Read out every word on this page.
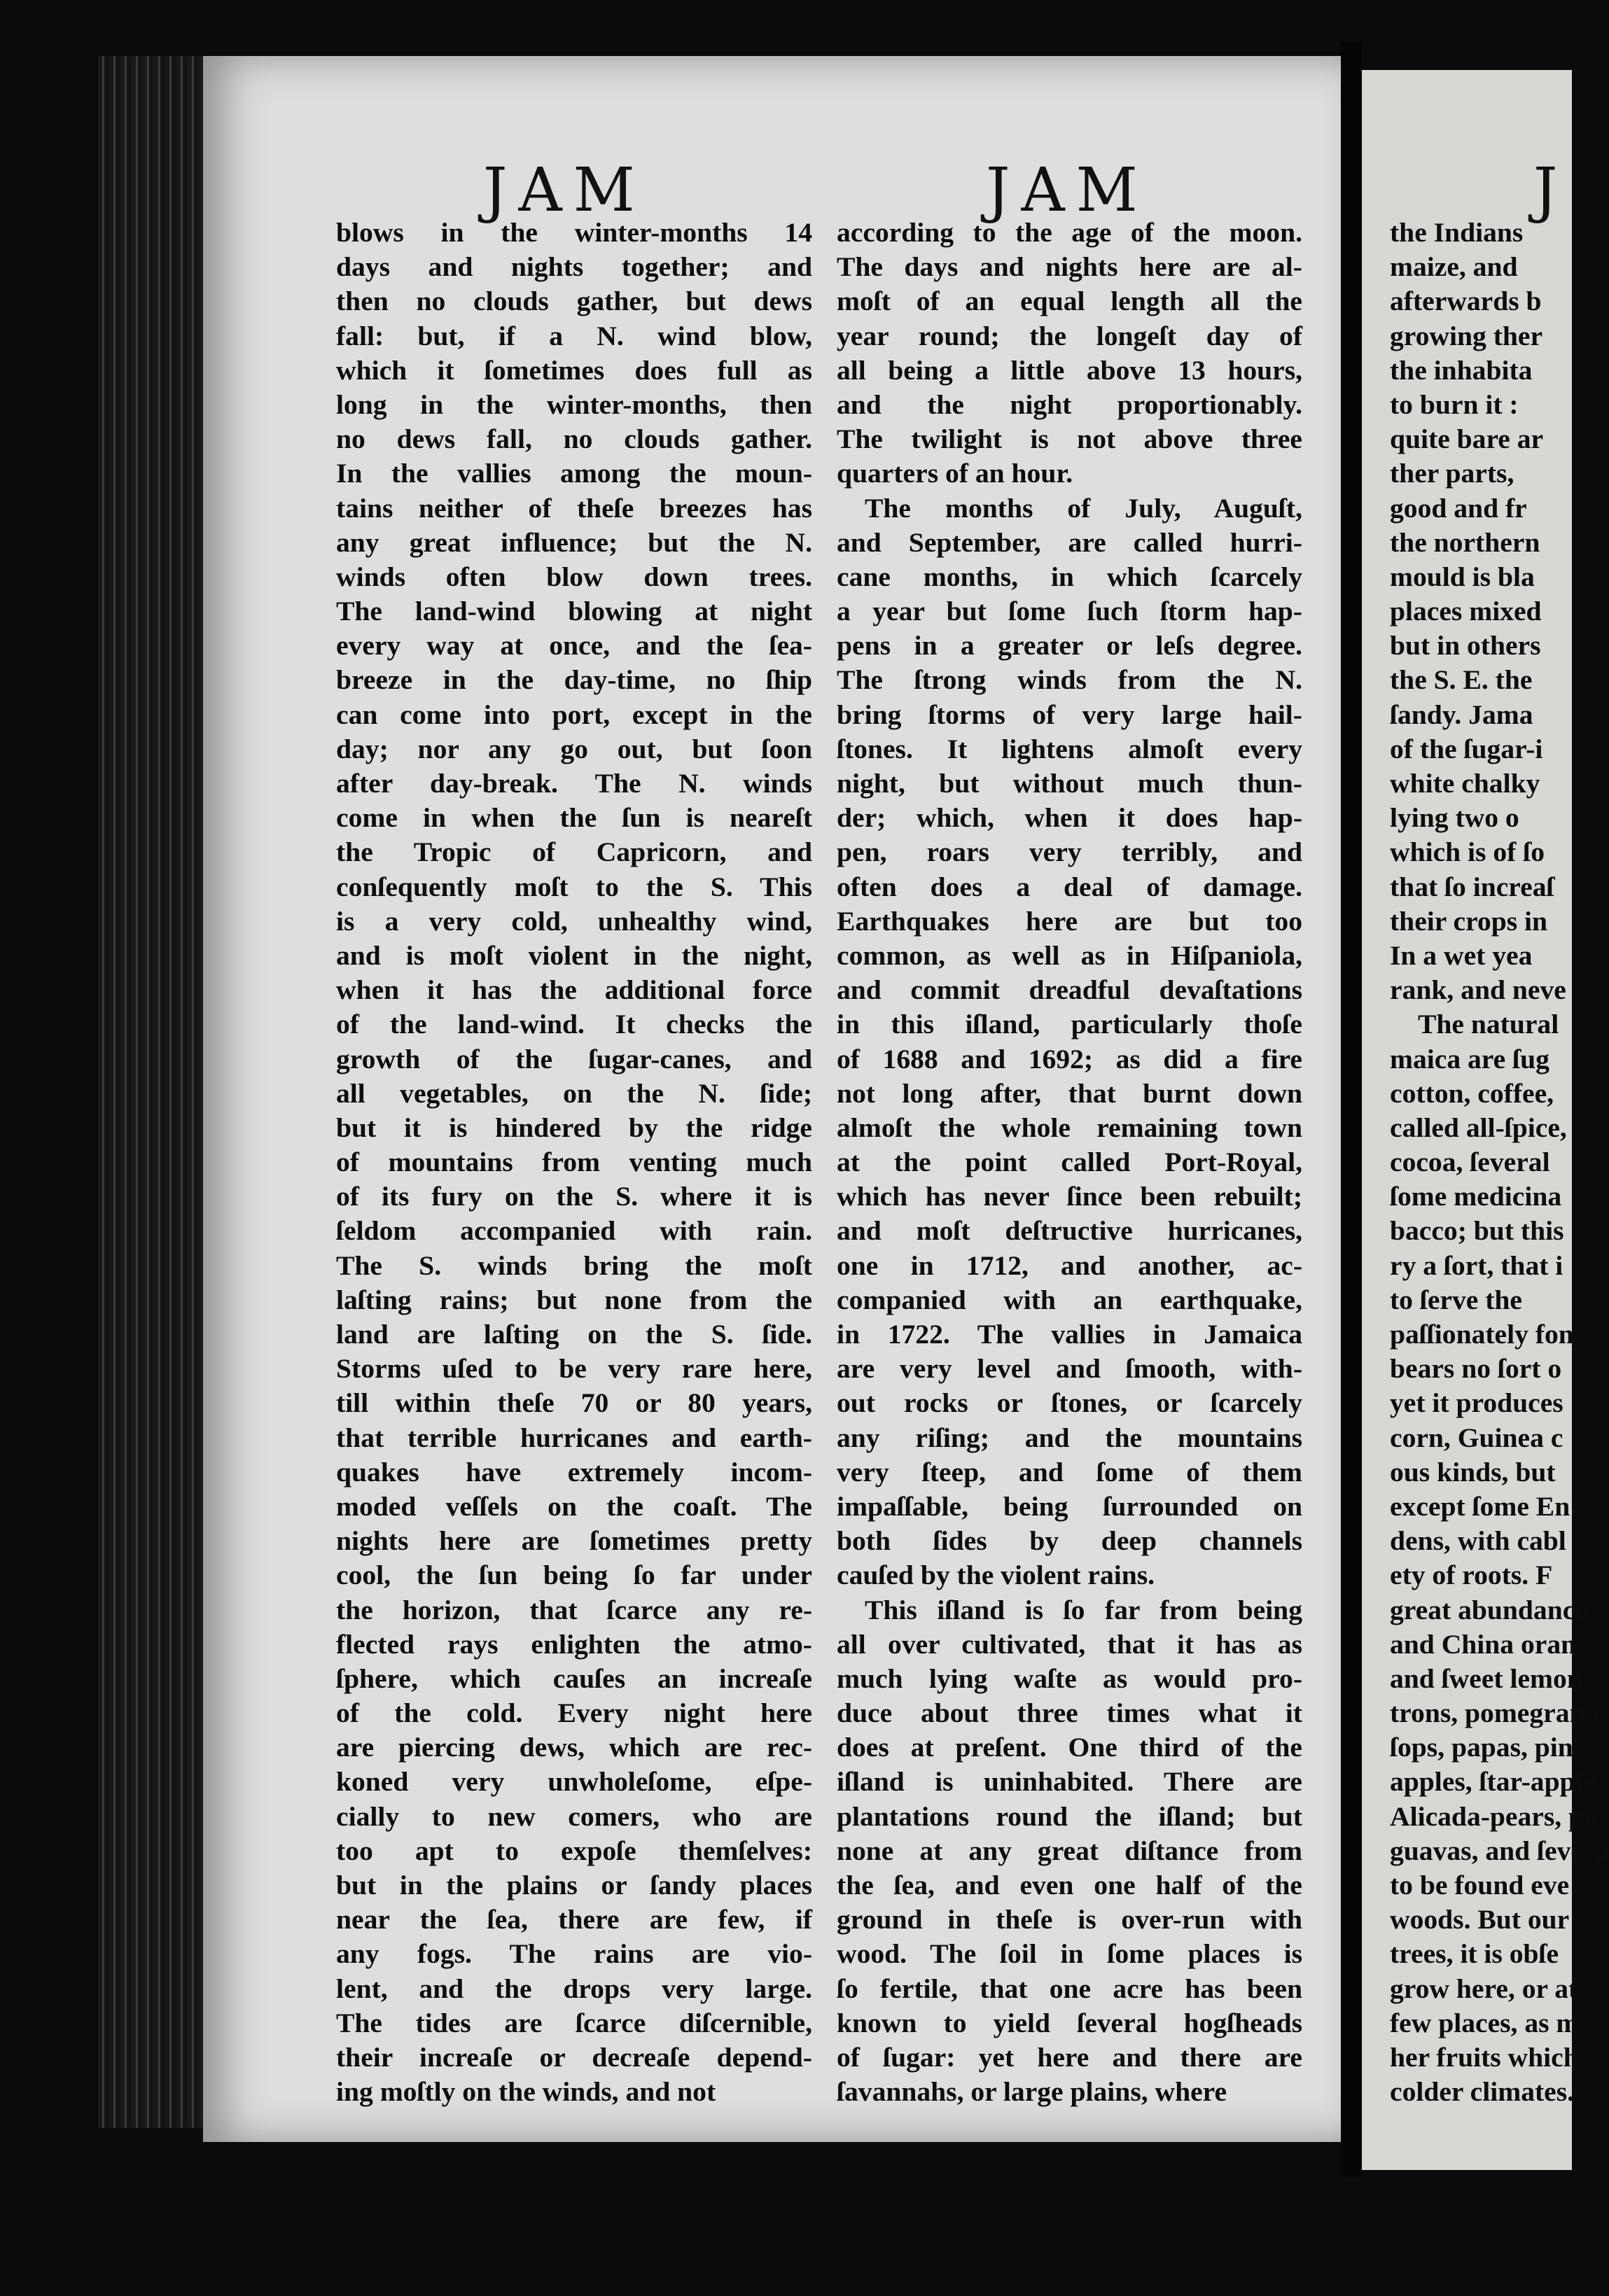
JAM	JAM	J
blows in the winter-months 14
days and nights together; and
then no clouds gather, but dews
fall: but, if a N. wind blow,
which it ſometimes does full as
long in the winter-months, then
no dews fall, no clouds gather.
In the vallies among the moun-
tains neither of theſe breezes has
any great influence; but the N.
winds often blow down trees.
The land-wind blowing at night
every way at once, and the ſea-
breeze in the day-time, no ſhip
can come into port, except in the
day; nor any go out, but ſoon
after day-break. The N. winds
come in when the ſun is neareſt
the Tropic of Capricorn, and
conſequently moſt to the S. This
is a very cold, unhealthy wind,
and is moſt violent in the night,
when it has the additional force
of the land-wind. It checks the
growth of the ſugar-canes, and
all vegetables, on the N. ſide;
but it is hindered by the ridge
of mountains from venting much
of its fury on the S. where it is
ſeldom accompanied with rain.
The S. winds bring the moſt
laſting rains; but none from the
land are laſting on the S. ſide.
Storms uſed to be very rare here,
till within theſe 70 or 80 years,
that terrible hurricanes and earth-
quakes have extremely incom-
moded veſſels on the coaſt. The
nights here are ſometimes pretty
cool, the ſun being ſo far under
the horizon, that ſcarce any re-
flected rays enlighten the atmo-
ſphere, which cauſes an increaſe
of the cold. Every night here
are piercing dews, which are rec-
koned very unwholeſome, eſpe-
cially to new comers, who are
too apt to expoſe themſelves:
but in the plains or ſandy places
near the ſea, there are few, if
any fogs. The rains are vio-
lent, and the drops very large.
The tides are ſcarce diſcernible,
their increaſe or decreaſe depend-
ing moſtly on the winds, and not
according to the age of the moon.
The days and nights here are al-
moſt of an equal length all the
year round; the longeſt day of
all being a little above 13 hours,
and the night proportionably.
The twilight is not above three
quarters of an hour.
The months of July, Auguſt,
and September, are called hurri-
cane months, in which ſcarcely
a year but ſome ſuch ſtorm hap-
pens in a greater or leſs degree.
The ſtrong winds from the N.
bring ſtorms of very large hail-
ſtones. It lightens almoſt every
night, but without much thun-
der; which, when it does hap-
pen, roars very terribly, and
often does a deal of damage.
Earthquakes here are but too
common, as well as in Hiſpaniola,
and commit dreadful devaſtations
in this iſland, particularly thoſe
of 1688 and 1692; as did a fire
not long after, that burnt down
almoſt the whole remaining town
at the point called Port-Royal,
which has never ſince been rebuilt;
and moſt deſtructive hurricanes,
one in 1712, and another, ac-
companied with an earthquake,
in 1722. The vallies in Jamaica
are very level and ſmooth, with-
out rocks or ſtones, or ſcarcely
any riſing; and the mountains
very ſteep, and ſome of them
impaſſable, being ſurrounded on
both ſides by deep channels
cauſed by the violent rains.
This iſland is ſo far from being
all over cultivated, that it has as
much lying waſte as would pro-
duce about three times what it
does at preſent. One third of the
iſland is uninhabited. There are
plantations round the iſland; but
none at any great diſtance from
the ſea, and even one half of the
ground in theſe is over-run with
wood. The ſoil in ſome places is
ſo fertile, that one acre has been
known to yield ſeveral hogſheads
of ſugar: yet here and there are
ſavannahs, or large plains, where
the Indians
maize, and
afterwards b
growing ther
the inhabita
to burn it :
quite bare ar
ther parts,
good and fr
the northern
mould is bla
places mixed
but in others
the S. E. the
ſandy. Jama
of the ſugar-i
white chalky
lying two o
which is of ſo
that ſo increaſ
their crops in
In a wet yea
rank, and neve
The natural
maica are ſug
cotton, coffee,
called all-ſpice,
cocoa, ſeveral
ſome medicina
bacco; but this
ry a ſort, that i
to ſerve the
paſſionately fon
bears no ſort o
yet it produces
corn, Guinea c
ous kinds, but
except ſome En
dens, with cabl
ety of roots. F
great abundance
and China oran
and ſweet lemon
trons, pomegrana
ſops, papas, pin
apples, ſtar-apple
Alicada-pears, po
guavas, and ſevera
to be found eve
woods. But our
trees, it is obſe
grow here, or at l
few places, as ma
her fruits which
colder climates.
